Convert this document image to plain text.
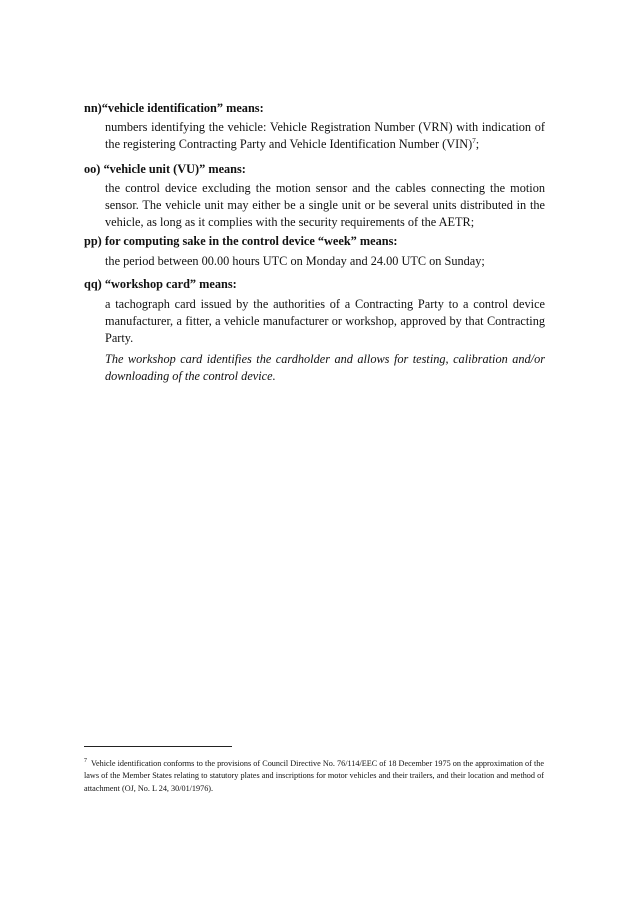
nn)“vehicle identification” means:

numbers identifying the vehicle: Vehicle Registration Number (VRN) with indication of the registering Contracting Party and Vehicle Identification Number (VIN)$^7$;

oo) “vehicle unit (VU)” means:

the control device excluding the motion sensor and the cables connecting the motion sensor. The vehicle unit may either be a single unit or be several units distributed in the vehicle, as long as it complies with the security requirements of the AETR;

pp) for computing sake in the control device “week” means:

the period between 00.00 hours UTC on Monday and 24.00 UTC on Sunday;

qq) “workshop card” means:

a tachograph card issued by the authorities of a Contracting Party to a control device manufacturer, a fitter, a vehicle manufacturer or workshop, approved by that Contracting Party.

The workshop card identifies the cardholder and allows for testing, calibration and/or downloading of the control device.

$^7$ Vehicle identification conforms to the provisions of Council Directive No. 76/114/EEC of 18 December 1975 on the approximation of the laws of the Member States relating to statutory plates and inscriptions for motor vehicles and their trailers, and their location and method of attachment (OJ, No. L 24, 30/01/1976).
